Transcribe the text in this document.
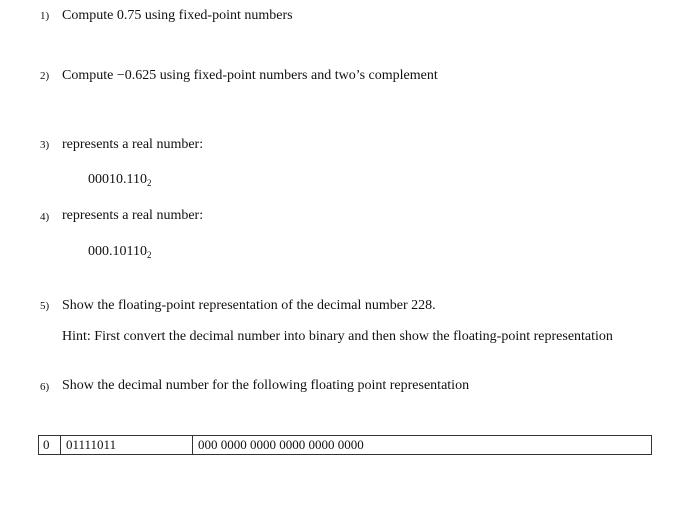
1) Compute 0.75 using fixed-point numbers
2) Compute −0.625 using fixed-point numbers and two’s complement
3) represents a real number:
$00010.110_2$
4) represents a real number:
$000.10110_2$
5) Show the floating-point representation of the decimal number 228.
Hint: First convert the decimal number into binary and then show the floating-point representation
6) Show the decimal number for the following floating point representation
0	01111011	000 0000 0000 0000 0000 0000
